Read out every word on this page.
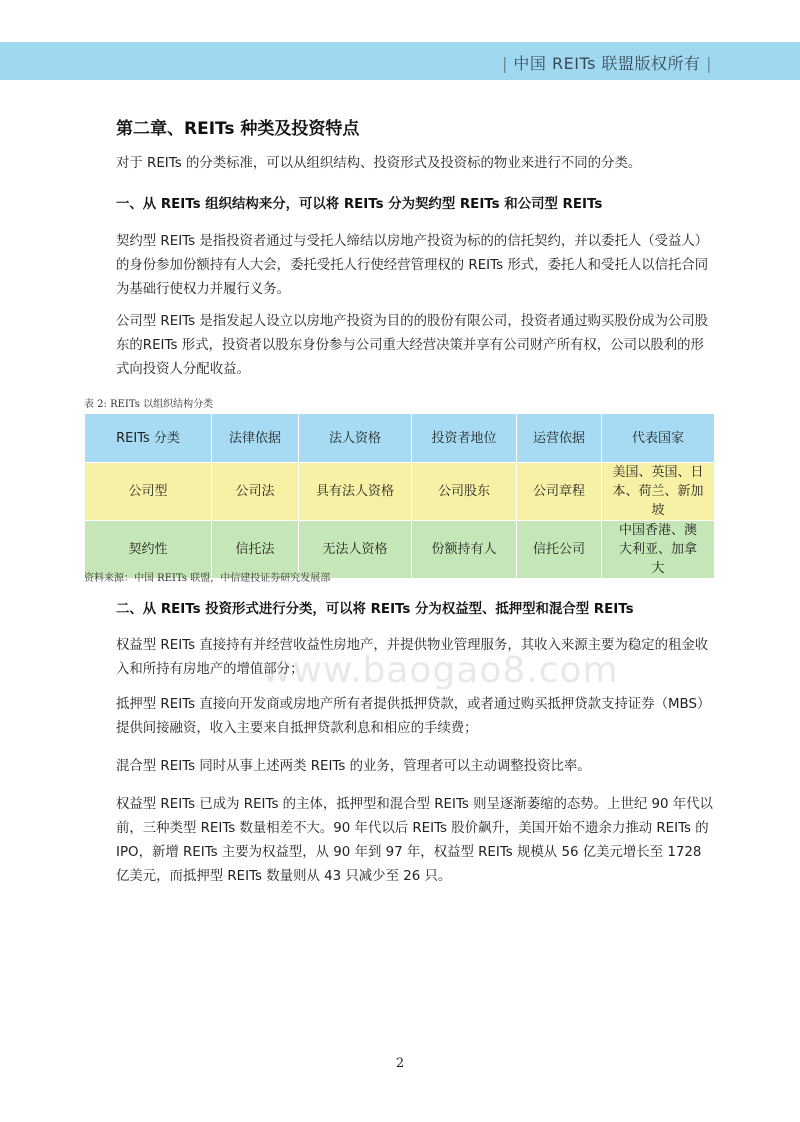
| 中国 REITs 联盟版权所有 |
第二章、REITs 种类及投资特点
对于 REITs 的分类标准，可以从组织结构、投资形式及投资标的物业来进行不同的分类。
一、从 REITs 组织结构来分，可以将 REITs 分为契约型 REITs 和公司型 REITs
契约型 REITs 是指投资者通过与受托人缔结以房地产投资为标的的信托契约，并以委托人（受益人）的身份参加份额持有人大会，委托受托人行使经营管理权的 REITs 形式，委托人和受托人以信托合同为基础行使权力并履行义务。
公司型 REITs 是指发起人设立以房地产投资为目的的股份有限公司，投资者通过购买股份成为公司股东的REITs 形式，投资者以股东身份参与公司重大经营决策并享有公司财产所有权，公司以股利的形式向投资人分配收益。
二、从 REITs 投资形式进行分类，可以将 REITs 分为权益型、抵押型和混合型 REITs
权益型 REITs 直接持有并经营收益性房地产，并提供物业管理服务，其收入来源主要为稳定的租金收入和所持有房地产的增值部分；
抵押型 REITs 直接向开发商或房地产所有者提供抵押贷款，或者通过购买抵押贷款支持证券（MBS）提供间接融资，收入主要来自抵押贷款利息和相应的手续费；
混合型 REITs 同时从事上述两类 REITs 的业务，管理者可以主动调整投资比率。
权益型 REITs 已成为 REITs 的主体，抵押型和混合型 REITs 则呈逐渐萎缩的态势。上世纪 90 年代以前，三种类型 REITs 数量相差不大。90 年代以后 REITs 股价飙升，美国开始不遗余力推动 REITs 的 IPO，新增 REITs 主要为权益型，从 90 年到 97 年，权益型 REITs 规模从 56 亿美元增长至 1728 亿美元，而抵押型 REITs 数量则从 43 只减少至 26 只。
表 2: REITs 以组织结构分类
REITs 分类	法律依据	法人资格	投资者地位	运营依据	代表国家
公司型	公司法	具有法人资格	公司股东	公司章程	美国、英国、日本、荷兰、新加坡
契约性	信托法	无法人资格	份额持有人	信托公司	中国香港、澳大利亚、加拿大
资料来源：中国 REITs 联盟，中信建投证券研究发展部
www.baogao8.com
2
